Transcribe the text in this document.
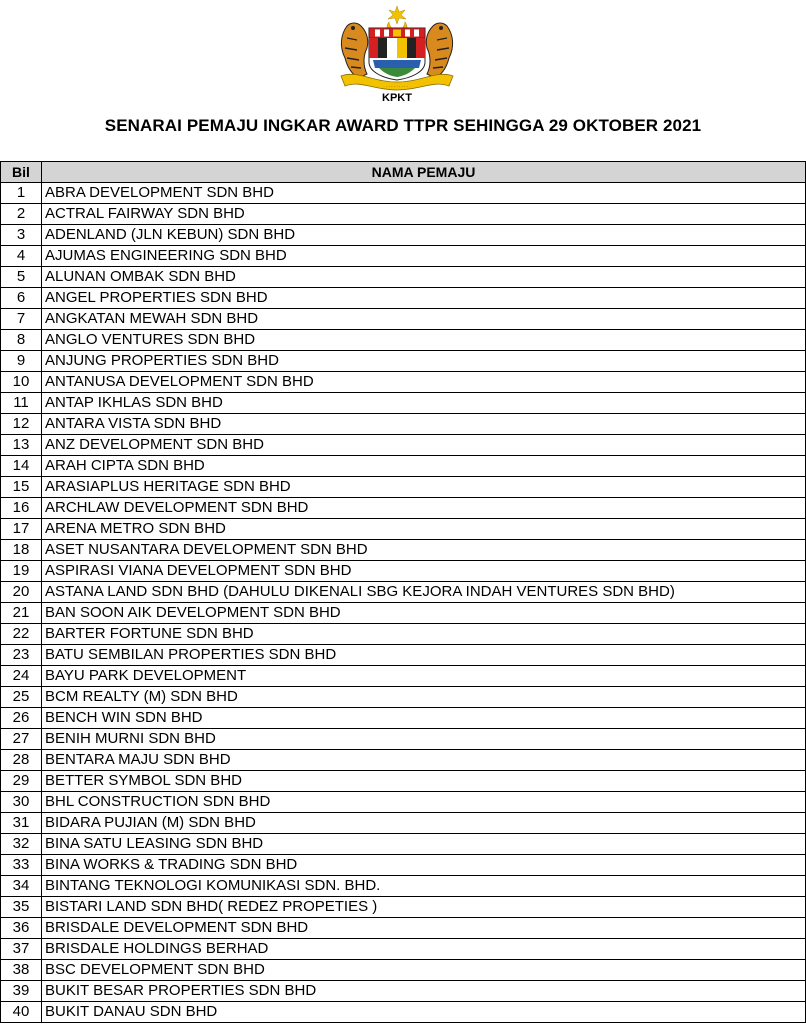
· · · · · · · · ·
KPKT
SENARAI PEMAJU INGKAR AWARD TTPR SEHINGGA 29 OKTOBER 2021
Bil	NAMA PEMAJU
1	ABRA DEVELOPMENT SDN BHD
2	ACTRAL FAIRWAY SDN BHD
3	ADENLAND (JLN KEBUN) SDN BHD
4	AJUMAS ENGINEERING SDN BHD
5	ALUNAN OMBAK SDN BHD
6	ANGEL PROPERTIES SDN BHD
7	ANGKATAN MEWAH SDN BHD
8	ANGLO VENTURES SDN BHD
9	ANJUNG PROPERTIES SDN BHD
10	ANTANUSA DEVELOPMENT SDN BHD
11	ANTAP IKHLAS SDN BHD
12	ANTARA VISTA SDN BHD
13	ANZ DEVELOPMENT SDN BHD
14	ARAH CIPTA SDN BHD
15	ARASIAPLUS HERITAGE SDN BHD
16	ARCHLAW DEVELOPMENT SDN BHD
17	ARENA METRO SDN BHD
18	ASET NUSANTARA DEVELOPMENT SDN BHD
19	ASPIRASI VIANA DEVELOPMENT SDN BHD
20	ASTANA LAND SDN BHD (DAHULU DIKENALI SBG KEJORA INDAH VENTURES SDN BHD)
21	BAN SOON AIK DEVELOPMENT SDN BHD
22	BARTER FORTUNE SDN BHD
23	BATU SEMBILAN PROPERTIES SDN BHD
24	BAYU PARK DEVELOPMENT
25	BCM REALTY (M) SDN BHD
26	BENCH WIN SDN BHD
27	BENIH MURNI SDN BHD
28	BENTARA MAJU SDN BHD
29	BETTER SYMBOL SDN BHD
30	BHL CONSTRUCTION SDN BHD
31	BIDARA PUJIAN (M) SDN BHD
32	BINA SATU LEASING SDN BHD
33	BINA WORKS & TRADING SDN BHD
34	BINTANG TEKNOLOGI KOMUNIKASI SDN. BHD.
35	BISTARI LAND SDN BHD( REDEZ PROPETIES )
36	BRISDALE DEVELOPMENT SDN BHD
37	BRISDALE HOLDINGS BERHAD
38	BSC DEVELOPMENT SDN BHD
39	BUKIT BESAR PROPERTIES SDN BHD
40	BUKIT DANAU SDN BHD
